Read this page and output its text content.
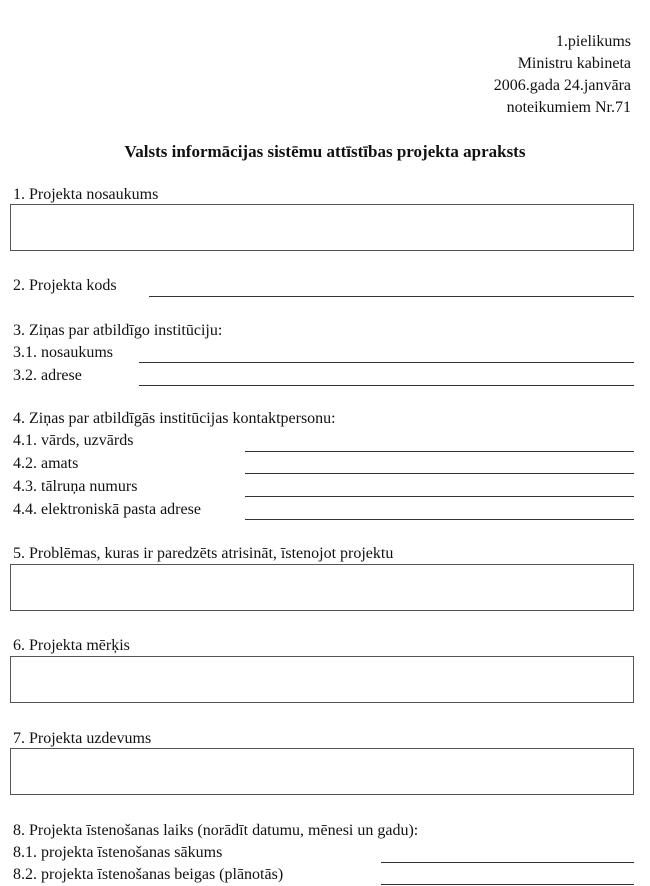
1.pielikums
Ministru kabineta
2006.gada 24.janvāra
noteikumiem Nr.71
Valsts informācijas sistēmu attīstības projekta apraksts
1. Projekta nosaukums
2. Projekta kods
3. Ziņas par atbildīgo institūciju:
3.1. nosaukums
3.2. adrese
4. Ziņas par atbildīgās institūcijas kontaktpersonu:
4.1. vārds, uzvārds
4.2. amats
4.3. tālruņa numurs
4.4. elektroniskā pasta adrese
5. Problēmas, kuras ir paredzēts atrisināt, īstenojot projektu
6. Projekta mērķis
7. Projekta uzdevums
8. Projekta īstenošanas laiks (norādīt datumu, mēnesi un gadu):
8.1. projekta īstenošanas sākums
8.2. projekta īstenošanas beigas (plānotās)
